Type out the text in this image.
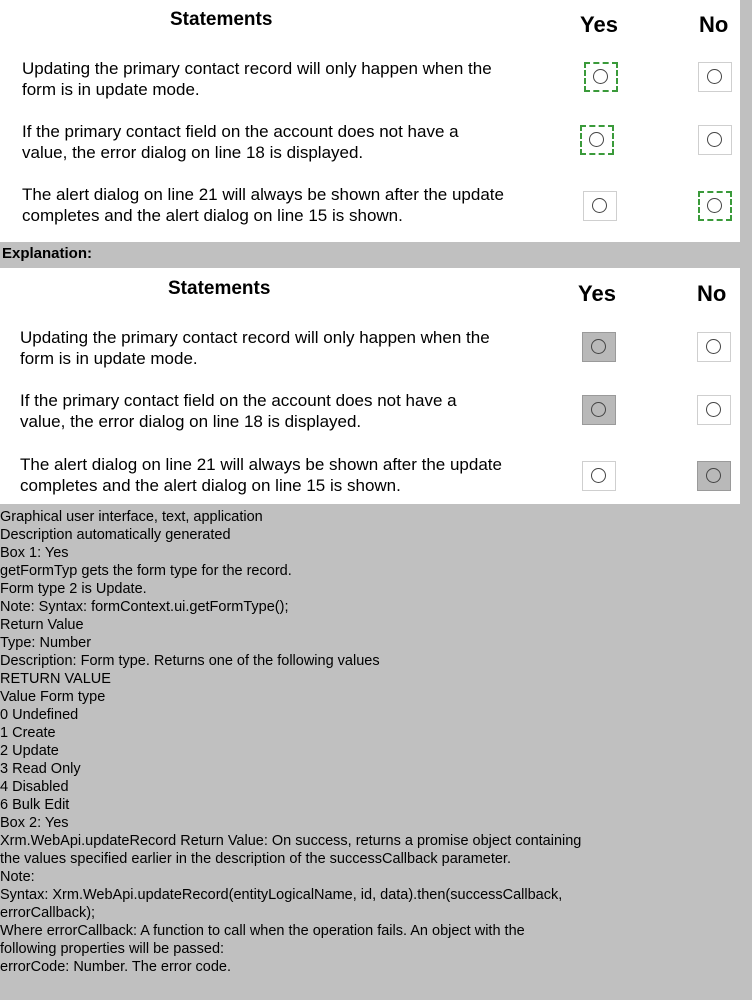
Statements	Yes	No
Updating the primary contact record will only happen when the
form is in update mode.
If the primary contact field on the account does not have a
value, the error dialog on line 18 is displayed.
The alert dialog on line 21 will always be shown after the update
completes and the alert dialog on line 15 is shown.
Explanation:
Statements	Yes	No
Updating the primary contact record will only happen when the
form is in update mode.
If the primary contact field on the account does not have a
value, the error dialog on line 18 is displayed.
The alert dialog on line 21 will always be shown after the update
completes and the alert dialog on line 15 is shown.
Graphical user interface, text, application
Description automatically generated
Box 1: Yes
getFormTyp gets the form type for the record.
Form type 2 is Update.
Note: Syntax: formContext.ui.getFormType();
Return Value
Type: Number
Description: Form type. Returns one of the following values
RETURN VALUE
Value Form type
0 Undefined
1 Create
2 Update
3 Read Only
4 Disabled
6 Bulk Edit
Box 2: Yes
Xrm.WebApi.updateRecord Return Value: On success, returns a promise object containing
the values specified earlier in the description of the successCallback parameter.
Note:
Syntax: Xrm.WebApi.updateRecord(entityLogicalName, id, data).then(successCallback,
errorCallback);
Where errorCallback: A function to call when the operation fails. An object with the
following properties will be passed:
errorCode: Number. The error code.
